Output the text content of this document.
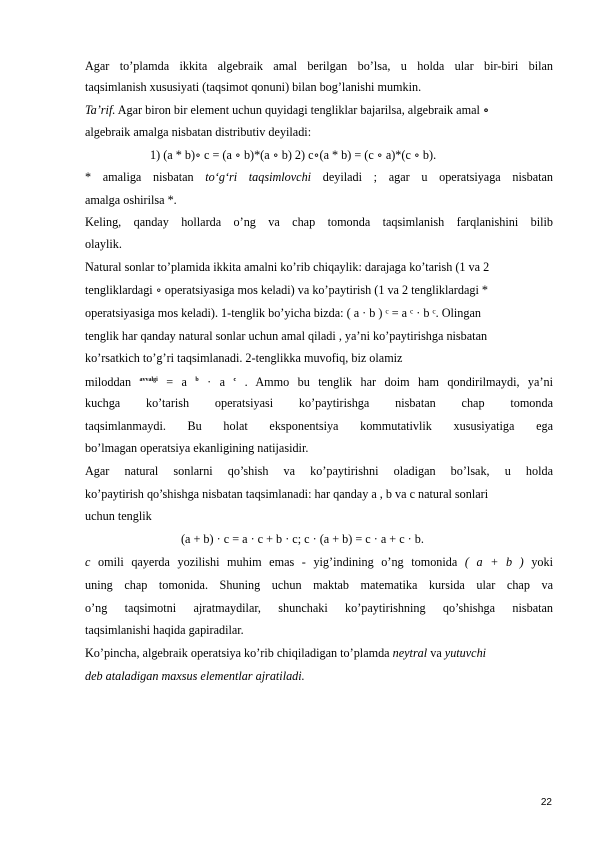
Agar to’plamda ikkita algebraik amal berilgan bo’lsa, u holda ular bir-biri bilan
taqsimlanish xususiyati (taqsimot qonuni) bilan bog’lanishi mumkin.
Ta’rif. Agar biron bir element uchun quyidagi tengliklar bajarilsa, algebraik amal ∘
algebraik amalga nisbatan distributiv deyiladi:
1) (a * b)∘ c = (a ∘ b)*(a ∘ b) 2) c∘(a * b) = (c ∘ a)*(c ∘ b).
* amaliga nisbatan to‘g‘ri taqsimlovchi deyiladi ; agar u operatsiyaga nisbatan
amalga oshirilsa *.
Keling, qanday hollarda o’ng va chap tomonda taqsimlanish farqlanishini bilib
olaylik.
Natural sonlar to’plamida ikkita amalni ko’rib chiqaylik: darajaga ko’tarish (1 va 2
tengliklardagi ∘ operatsiyasiga mos keladi) va ko’paytirish (1 va 2 tengliklardagi *
operatsiyasiga mos keladi). 1-tenglik bo’yicha bizda: ( a · b ) ᶜ = a ᶜ · b ᶜ. Olingan
tenglik har qanday natural sonlar uchun amal qiladi , ya’ni ko’paytirishga nisbatan
ko’rsatkich to’g’ri taqsimlanadi. 2-tenglikka muvofiq, biz olamiz
miloddan $^{avvalgi}$ = a $^b$ · a $^c$ . Ammo bu tenglik har doim ham qondirilmaydi, ya’ni
kuchga ko’tarish operatsiyasi ko’paytirishga nisbatan chap tomonda
taqsimlanmaydi. Bu holat eksponentsiya kommutativlik xususiyatiga ega
bo’lmagan operatsiya ekanligining natijasidir.
Agar natural sonlarni qo’shish va ko’paytirishni oladigan bo’lsak, u holda
ko’paytirish qo’shishga nisbatan taqsimlanadi: har qanday a , b va c natural sonlari
uchun tenglik
(a + b) · c = a · c + b · c; c · (a + b) = c · a + c · b.
c omili qayerda yozilishi muhim emas - yig’indining o’ng tomonida ( a + b ) yoki
uning chap tomonida. Shuning uchun maktab matematika kursida ular chap va
o’ng taqsimotni ajratmaydilar, shunchaki ko’paytirishning qo’shishga nisbatan
taqsimlanishi haqida gapiradilar.
Ko’pincha, algebraik operatsiya ko’rib chiqiladigan to’plamda neytral va yutuvchi
deb ataladigan maxsus elementlar ajratiladi.
22
